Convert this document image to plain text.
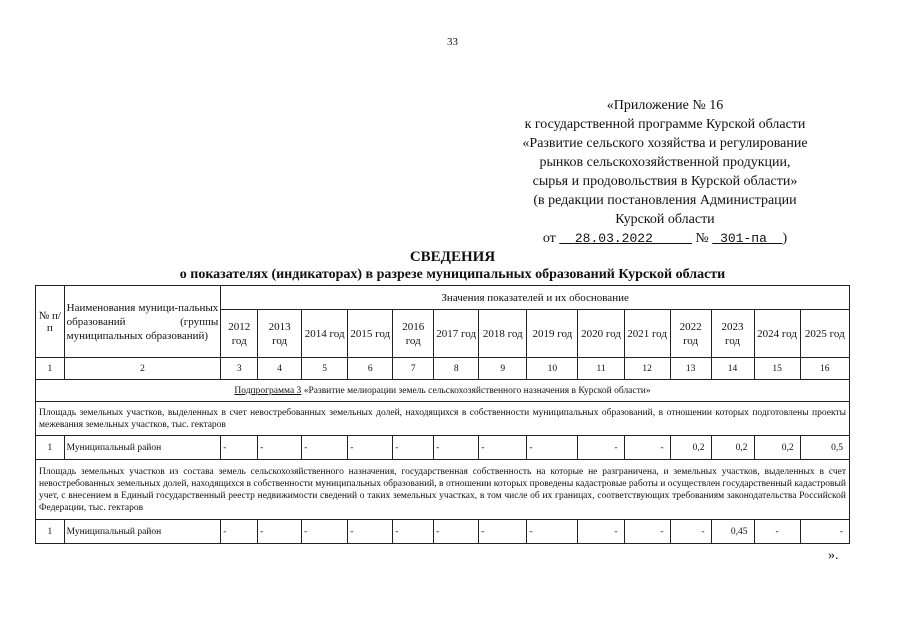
33
«Приложение № 16
к государственной программе Курской области
«Развитие сельского хозяйства и регулирование
рынков сельскохозяйственной продукции,
сырья и продовольствия в Курской области»
(в редакции постановления Администрации
Курской области
от 28.03.2022	№ 301-па )
СВЕДЕНИЯ
о показателях (индикаторах) в разрезе муниципальных образований Курской области
№ п/п	Наименования муници-пальных образований (группы муниципальных образований)	Значения показателей и их обоснование													
		2012 год	2013 год	2014 год	2015 год	2016 год	2017 год	2018 год	2019 год	2020 год	2021 год	2022 год	2023 год	2024 год	2025 год
1	2	3	4	5	6	7	8	9	10	11	12	13	14	15	16
Подпрограмма 3 «Развитие мелиорации земель сельскохозяйственного назначения в Курской области»															
Площадь земельных участков, выделенных в счет невостребованных земельных долей, находящихся в собственности муниципальных образований, в отношении которых подготовлены проекты межевания земельных участков, тыс. гектаров															
1	Муниципальный район	-	-	-	-	-	-	-	-	-	-	0,2	0,2	0,2	0,5
Площадь земельных участков из состава земель сельскохозяйственного назначения, государственная собственность на которые не разграничена, и земельных участков, выделенных в счет невостребованных земельных долей, находящихся в собственности муниципальных образований, в отношении которых проведены кадастровые работы и осуществлен государственный кадастровый учет, с внесением в Единый государственный реестр недвижимости сведений о таких земельных участках, в том числе об их границах, соответствующих требованиям законодательства Российской Федерации, тыс. гектаров															
1	Муниципальный район	-	-	-	-	-	-	-	-	-	-	-	0,45	-	-
».
